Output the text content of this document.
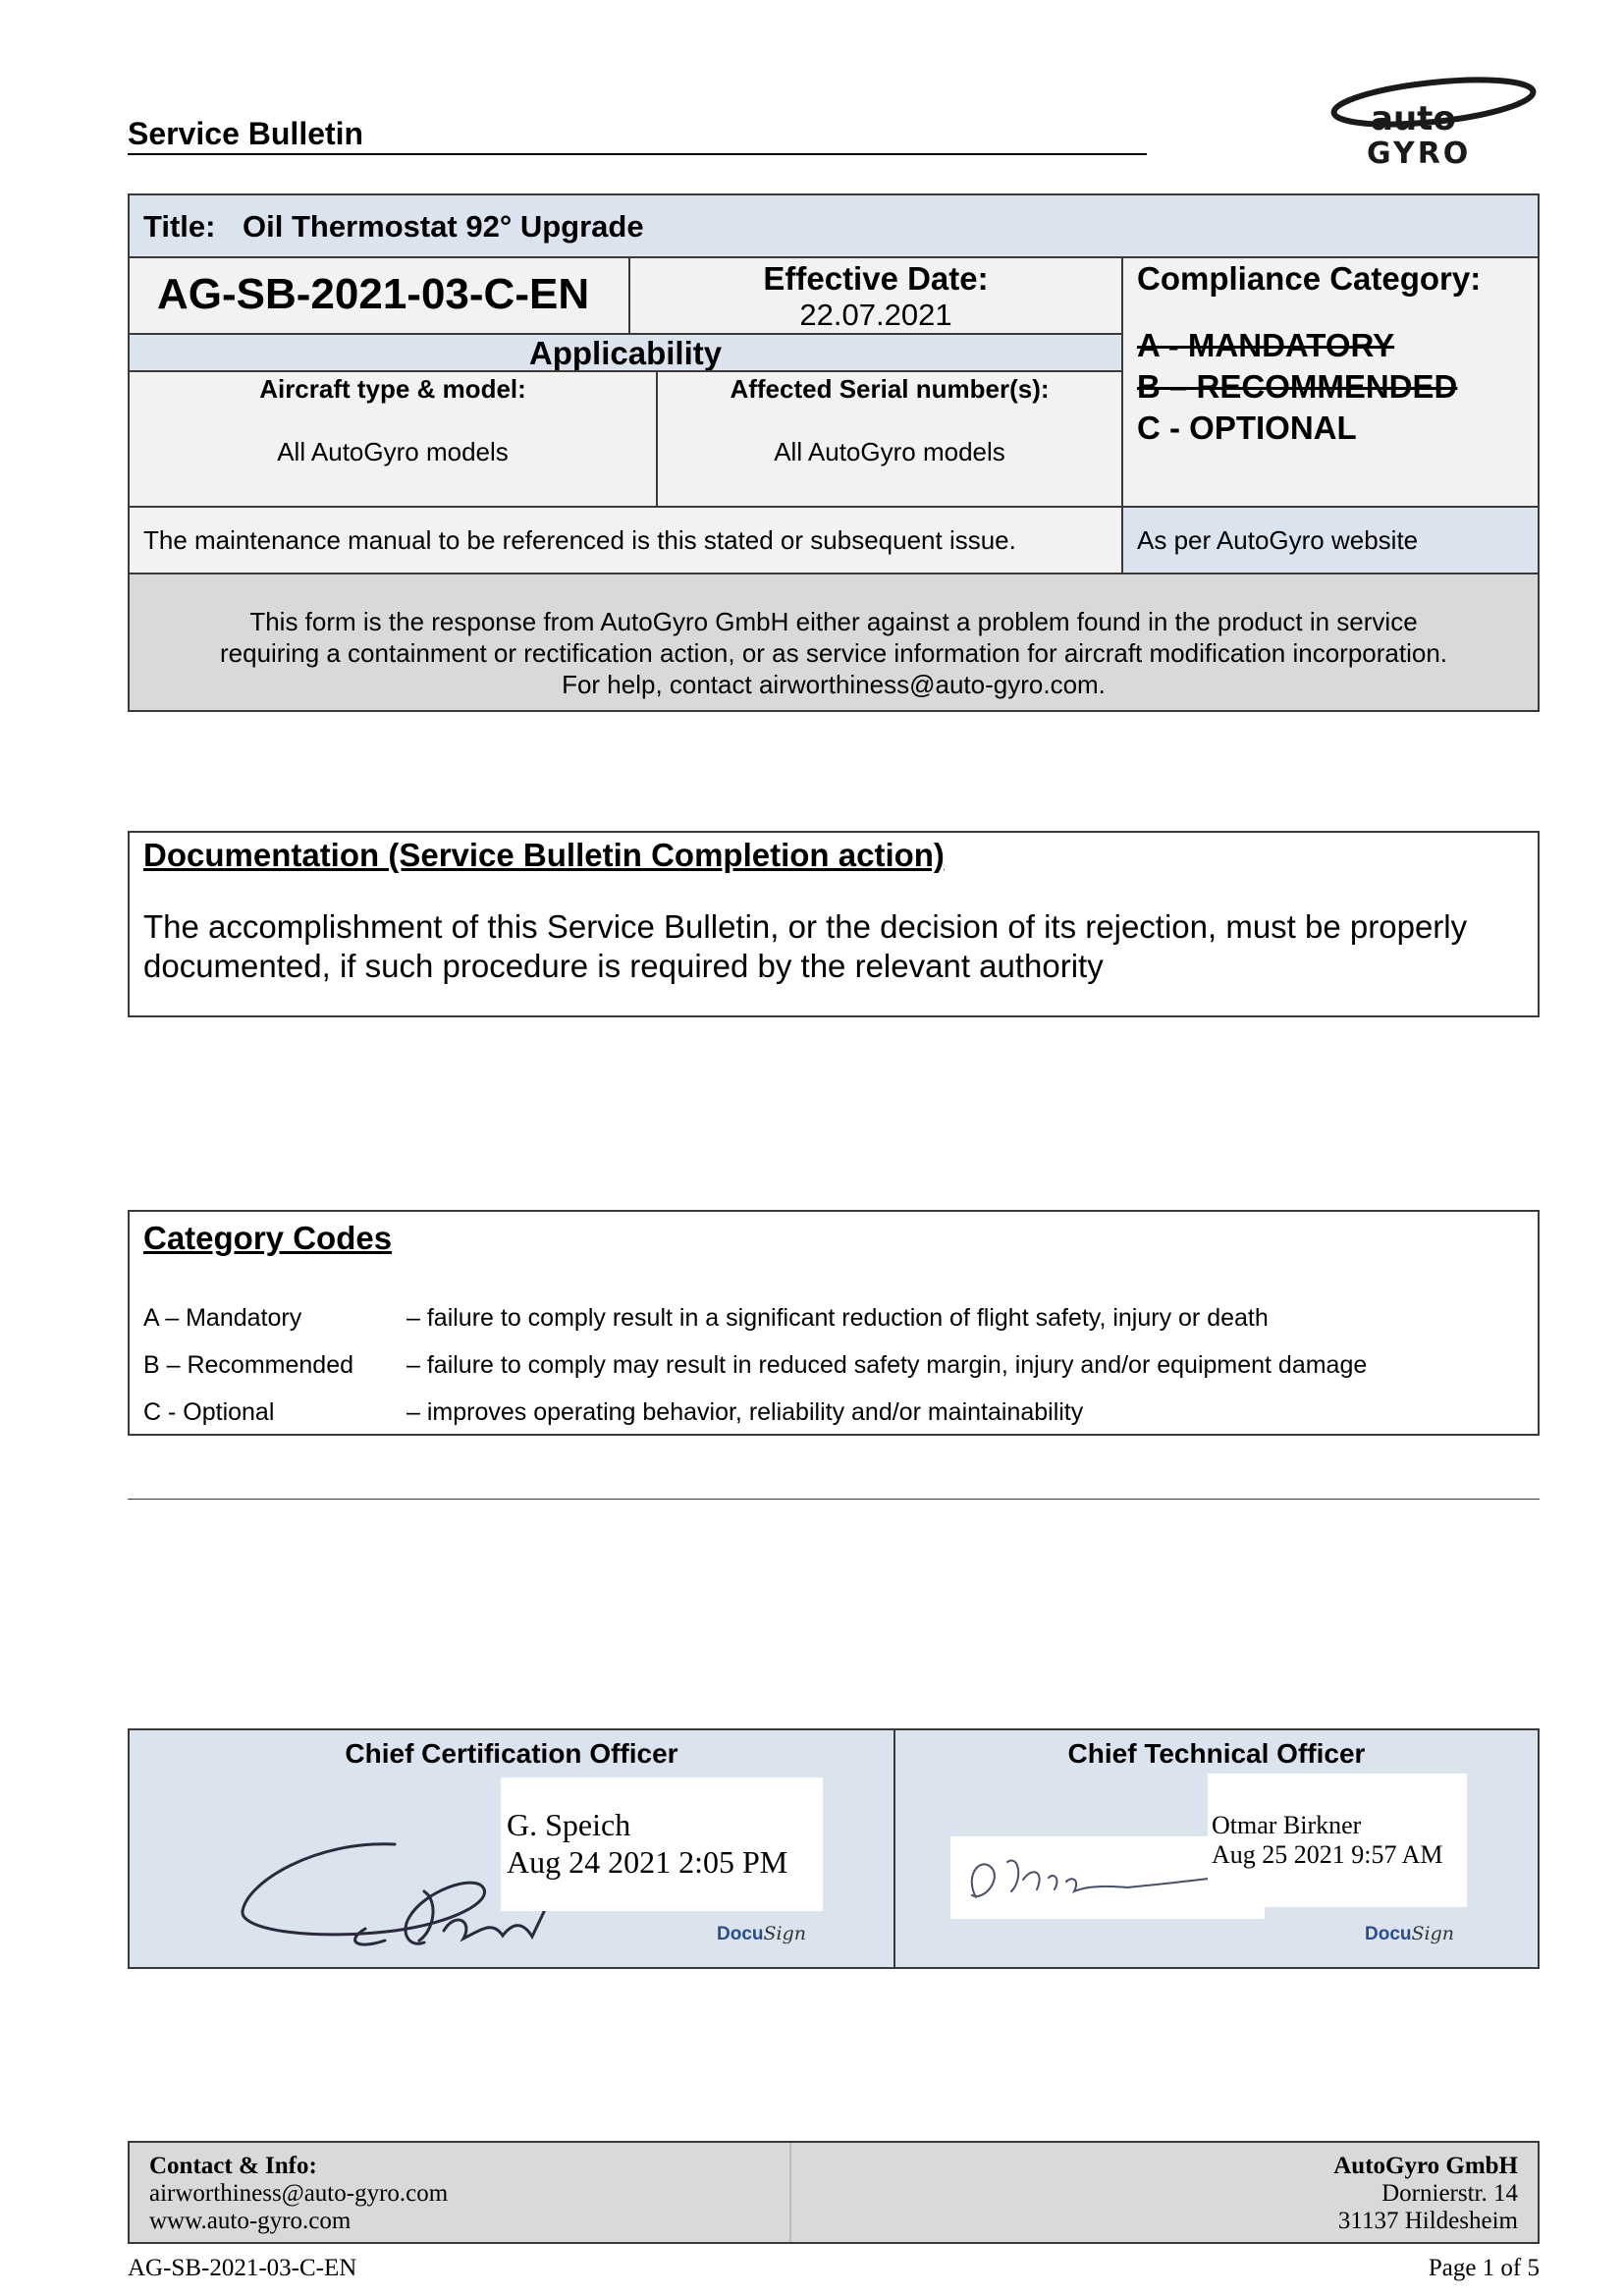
Service Bulletin	auto
GYRO
Title: Oil Thermostat 92° Upgrade
AG-SB-2021-03-C-EN	Effective Date:
22.07.2021
Compliance Category:
A - MANDATORY
B – RECOMMENDED
C - OPTIONAL
Applicability
Aircraft type & model:
All AutoGyro models
Affected Serial number(s):
All AutoGyro models
The maintenance manual to be referenced is this stated or subsequent issue.	As per AutoGyro website
This form is the response from AutoGyro GmbH either against a problem found in the product in service
requiring a containment or rectification action, or as service information for aircraft modification incorporation.
For help, contact airworthiness@auto-gyro.com.
Documentation (Service Bulletin Completion action)
The accomplishment of this Service Bulletin, or the decision of its rejection, must be properly
documented, if such procedure is required by the relevant authority
Category Codes
A – Mandatory	– failure to comply result in a significant reduction of flight safety, injury or death
B – Recommended – failure to comply may result in reduced safety margin, injury and/or equipment damage
C - Optional	– improves operating behavior, reliability and/or maintainability
Chief Certification Officer
G. Speich
Aug 24 2021 2:05 PM
DocuSign
Chief Technical Officer
Otmar Birkner
Aug 25 2021 9:57 AM
DocuSign
Contact & Info:
airworthiness@auto-gyro.com
www.auto-gyro.com
AutoGyro GmbH
Dornierstr. 14
31137 Hildesheim
AG-SB-2021-03-C-EN	Page 1 of 5
